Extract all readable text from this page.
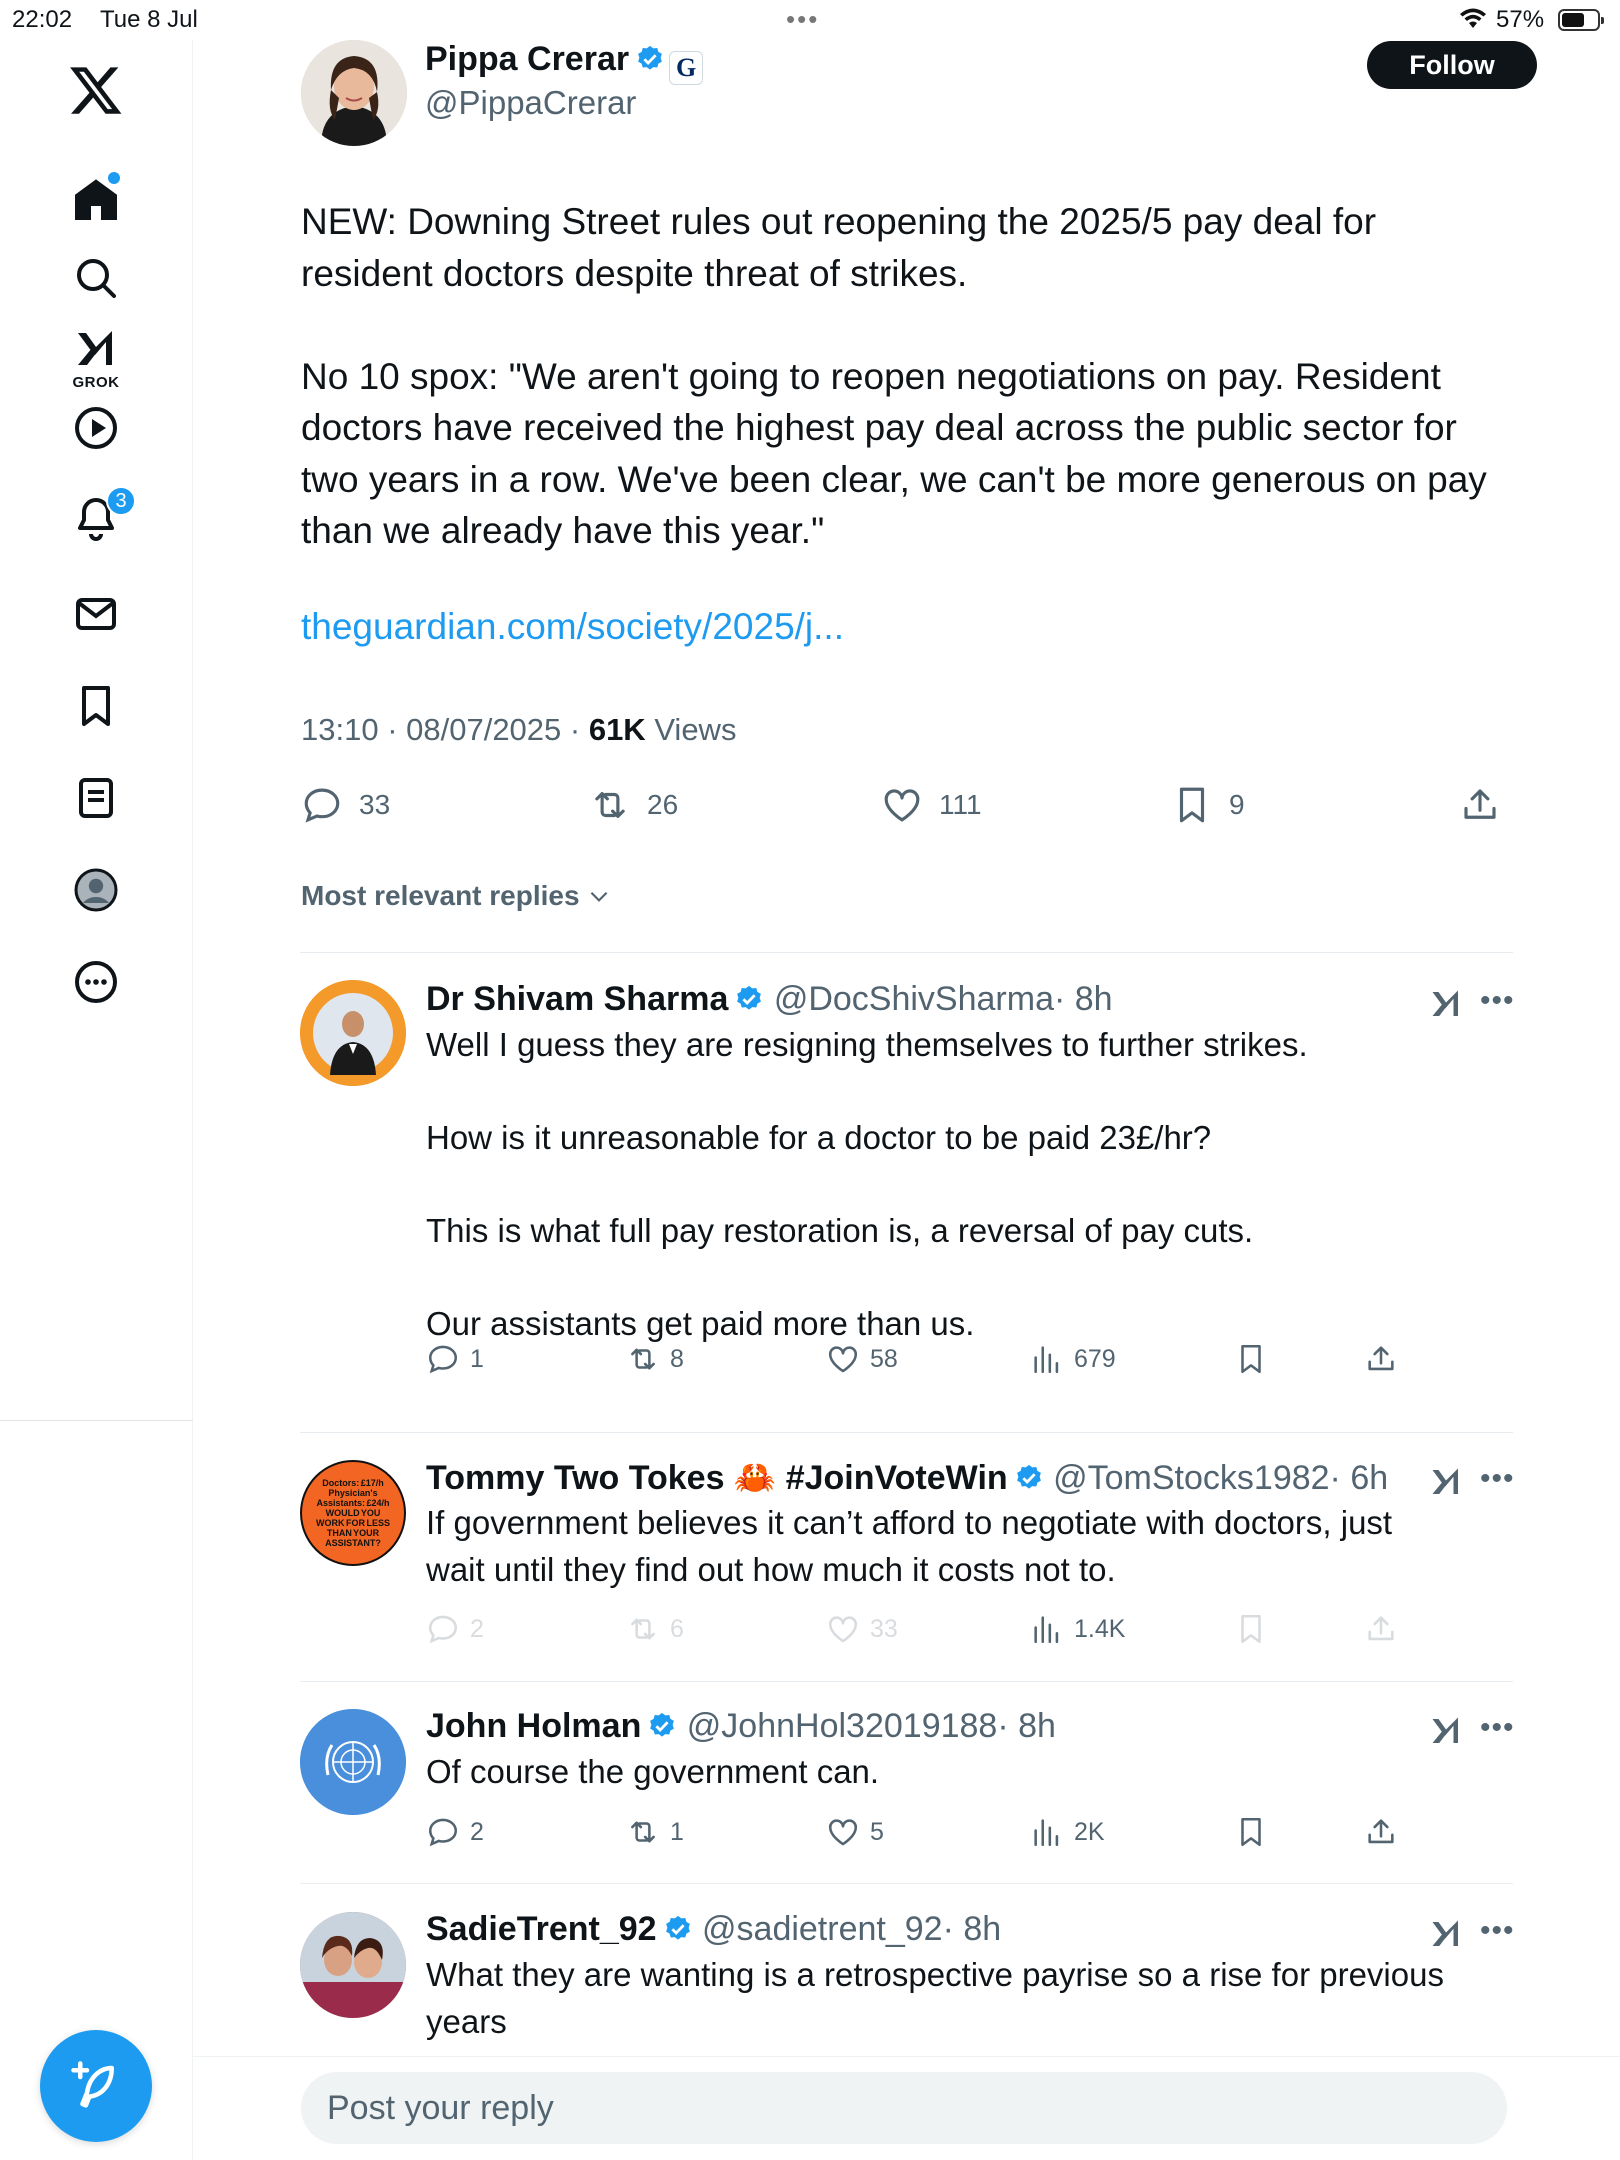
22:02 Tue 8 Jul	•••	57%
GROK
3
Pippa Crerar G
@PippaCrerar
Follow
NEW: Downing Street rules out reopening the 2025/5 pay deal for
resident doctors despite threat of strikes.

No 10 spox: "We aren't going to reopen negotiations on pay. Resident
doctors have received the highest pay deal across the public sector for
two years in a row. We've been clear, we can't be more generous on pay
than we already have this year."
theguardian.com/society/2025/j...
13:10 · 08/07/2025 · 61K Views
33	26	111	9
Most relevant replies
Dr Shivam Sharma @DocShivSharma· 8h	•••
Well I guess they are resigning themselves to further strikes.

How is it unreasonable for a doctor to be paid 23£/hr?

This is what full pay restoration is, a reversal of pay cuts.

Our assistants get paid more than us.
1	8	58	679
Doctors: £17/h Physician's Assistants: £24/h WOULD YOU WORK FOR LESS THAN YOUR ASSISTANT?
Tommy Two Tokes 🦀 #JoinVoteWin @TomStocks1982· 6h	•••
If government believes it can’t afford to negotiate with doctors, just
wait until they find out how much it costs not to.
2	6	33	1.4K
John Holman @JohnHol32019188· 8h	•••
Of course the government can.
2	1	5	2K
SadieTrent_92 @sadietrent_92· 8h	•••
What they are wanting is a retrospective payrise so a rise for previous
years
Post your reply
